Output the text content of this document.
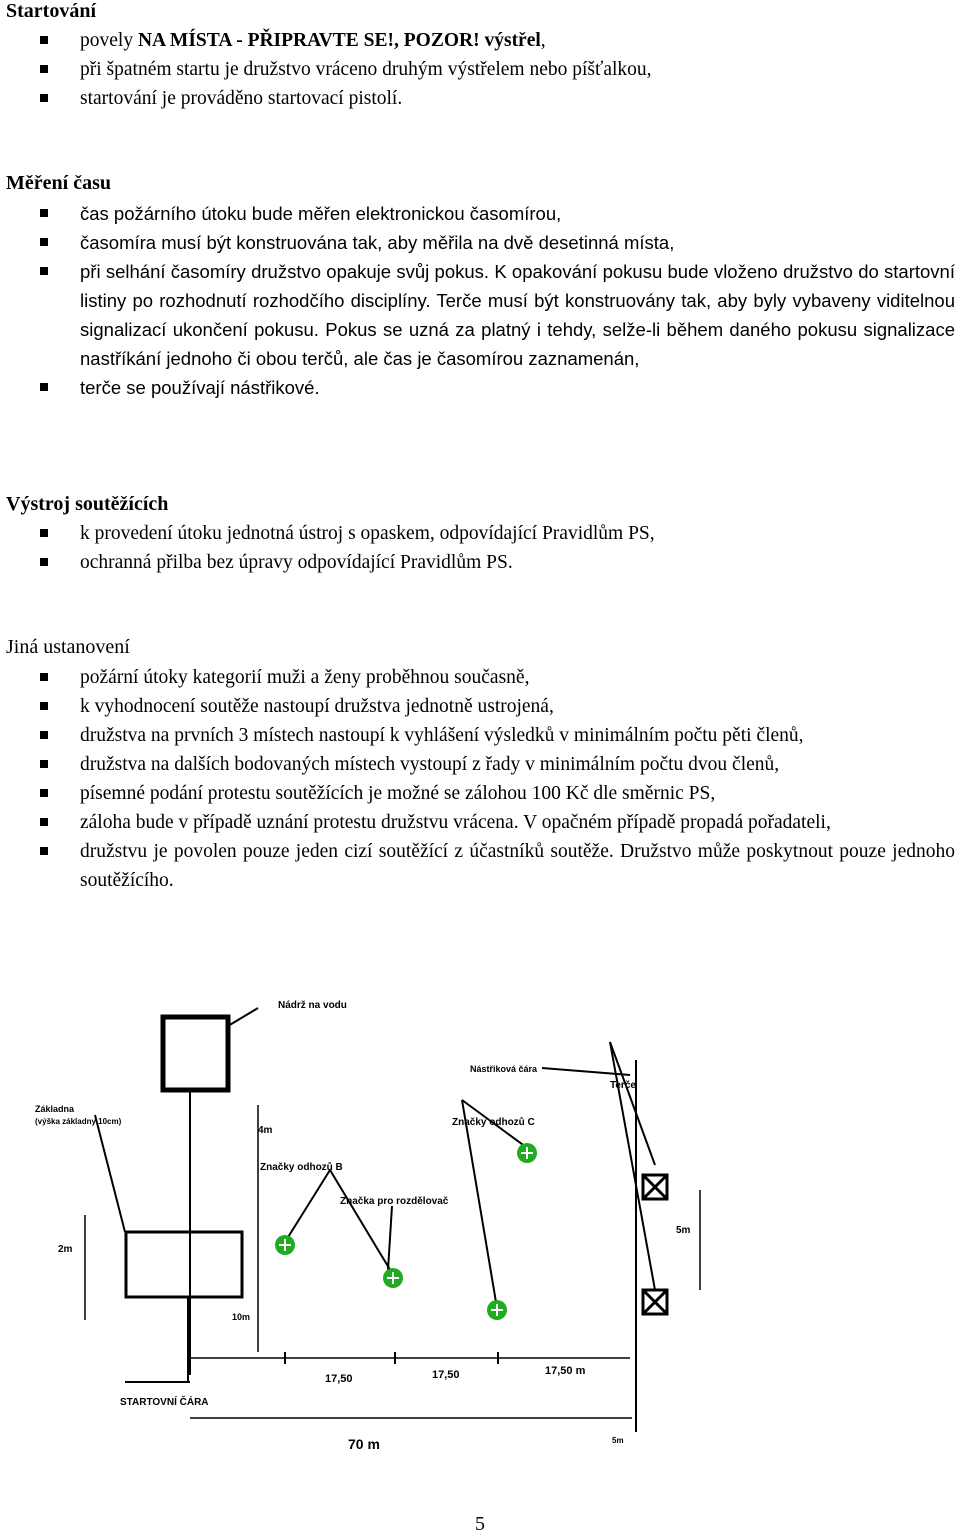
Startování
povely NA MÍSTA - PŘIPRAVTE SE!, POZOR! výstřel,
při špatném startu je družstvo vráceno druhým výstřelem nebo píšťalkou,
startování je prováděno startovací pistolí.
Měření času
čas požárního útoku bude měřen elektronickou časomírou,
časomíra musí být konstruována tak, aby měřila na dvě desetinná místa,
při selhání časomíry družstvo opakuje svůj pokus. K opakování pokusu bude vloženo družstvo do startovní listiny po rozhodnutí rozhodčího disciplíny. Terče musí být konstruovány tak, aby byly vybaveny viditelnou signalizací ukončení pokusu. Pokus se uzná za platný i tehdy, selže-li během daného pokusu signalizace nastříkání jednoho či obou terčů, ale čas je časomírou zaznamenán,
terče se používají nástřikové.
Výstroj soutěžících
k provedení útoku jednotná ústroj s opaskem, odpovídající Pravidlům PS,
ochranná přilba bez úpravy odpovídající Pravidlům PS.
Jiná ustanovení
požární útoky kategorií muži a ženy proběhnou současně,
k vyhodnocení soutěže nastoupí družstva jednotně ustrojená,
družstva na prvních 3 místech nastoupí k vyhlášení výsledků v minimálním počtu pěti členů,
družstva na dalších bodovaných místech vystoupí z řady v minimálním počtu dvou členů,
písemné podání protestu soutěžících je možné se zálohou 100 Kč dle směrnic PS,
záloha bude v případě uznání protestu družstvu vrácena. V opačném případě propadá pořadateli,
družstvu je povolen pouze jeden cizí soutěžící z účastníků soutěže. Družstvo může poskytnout pouze jednoho soutěžícího.
Nádrž na vodu
Nástřiková čára
Terče
Základna
(výška základny 10cm)
4m
Značky odhozů C
Značky odhozů B
Značka pro rozdělovač
2m
5m
10m
17,50	17,50	17,50 m
STARTOVNÍ ČÁRA
70 m	5m
5
